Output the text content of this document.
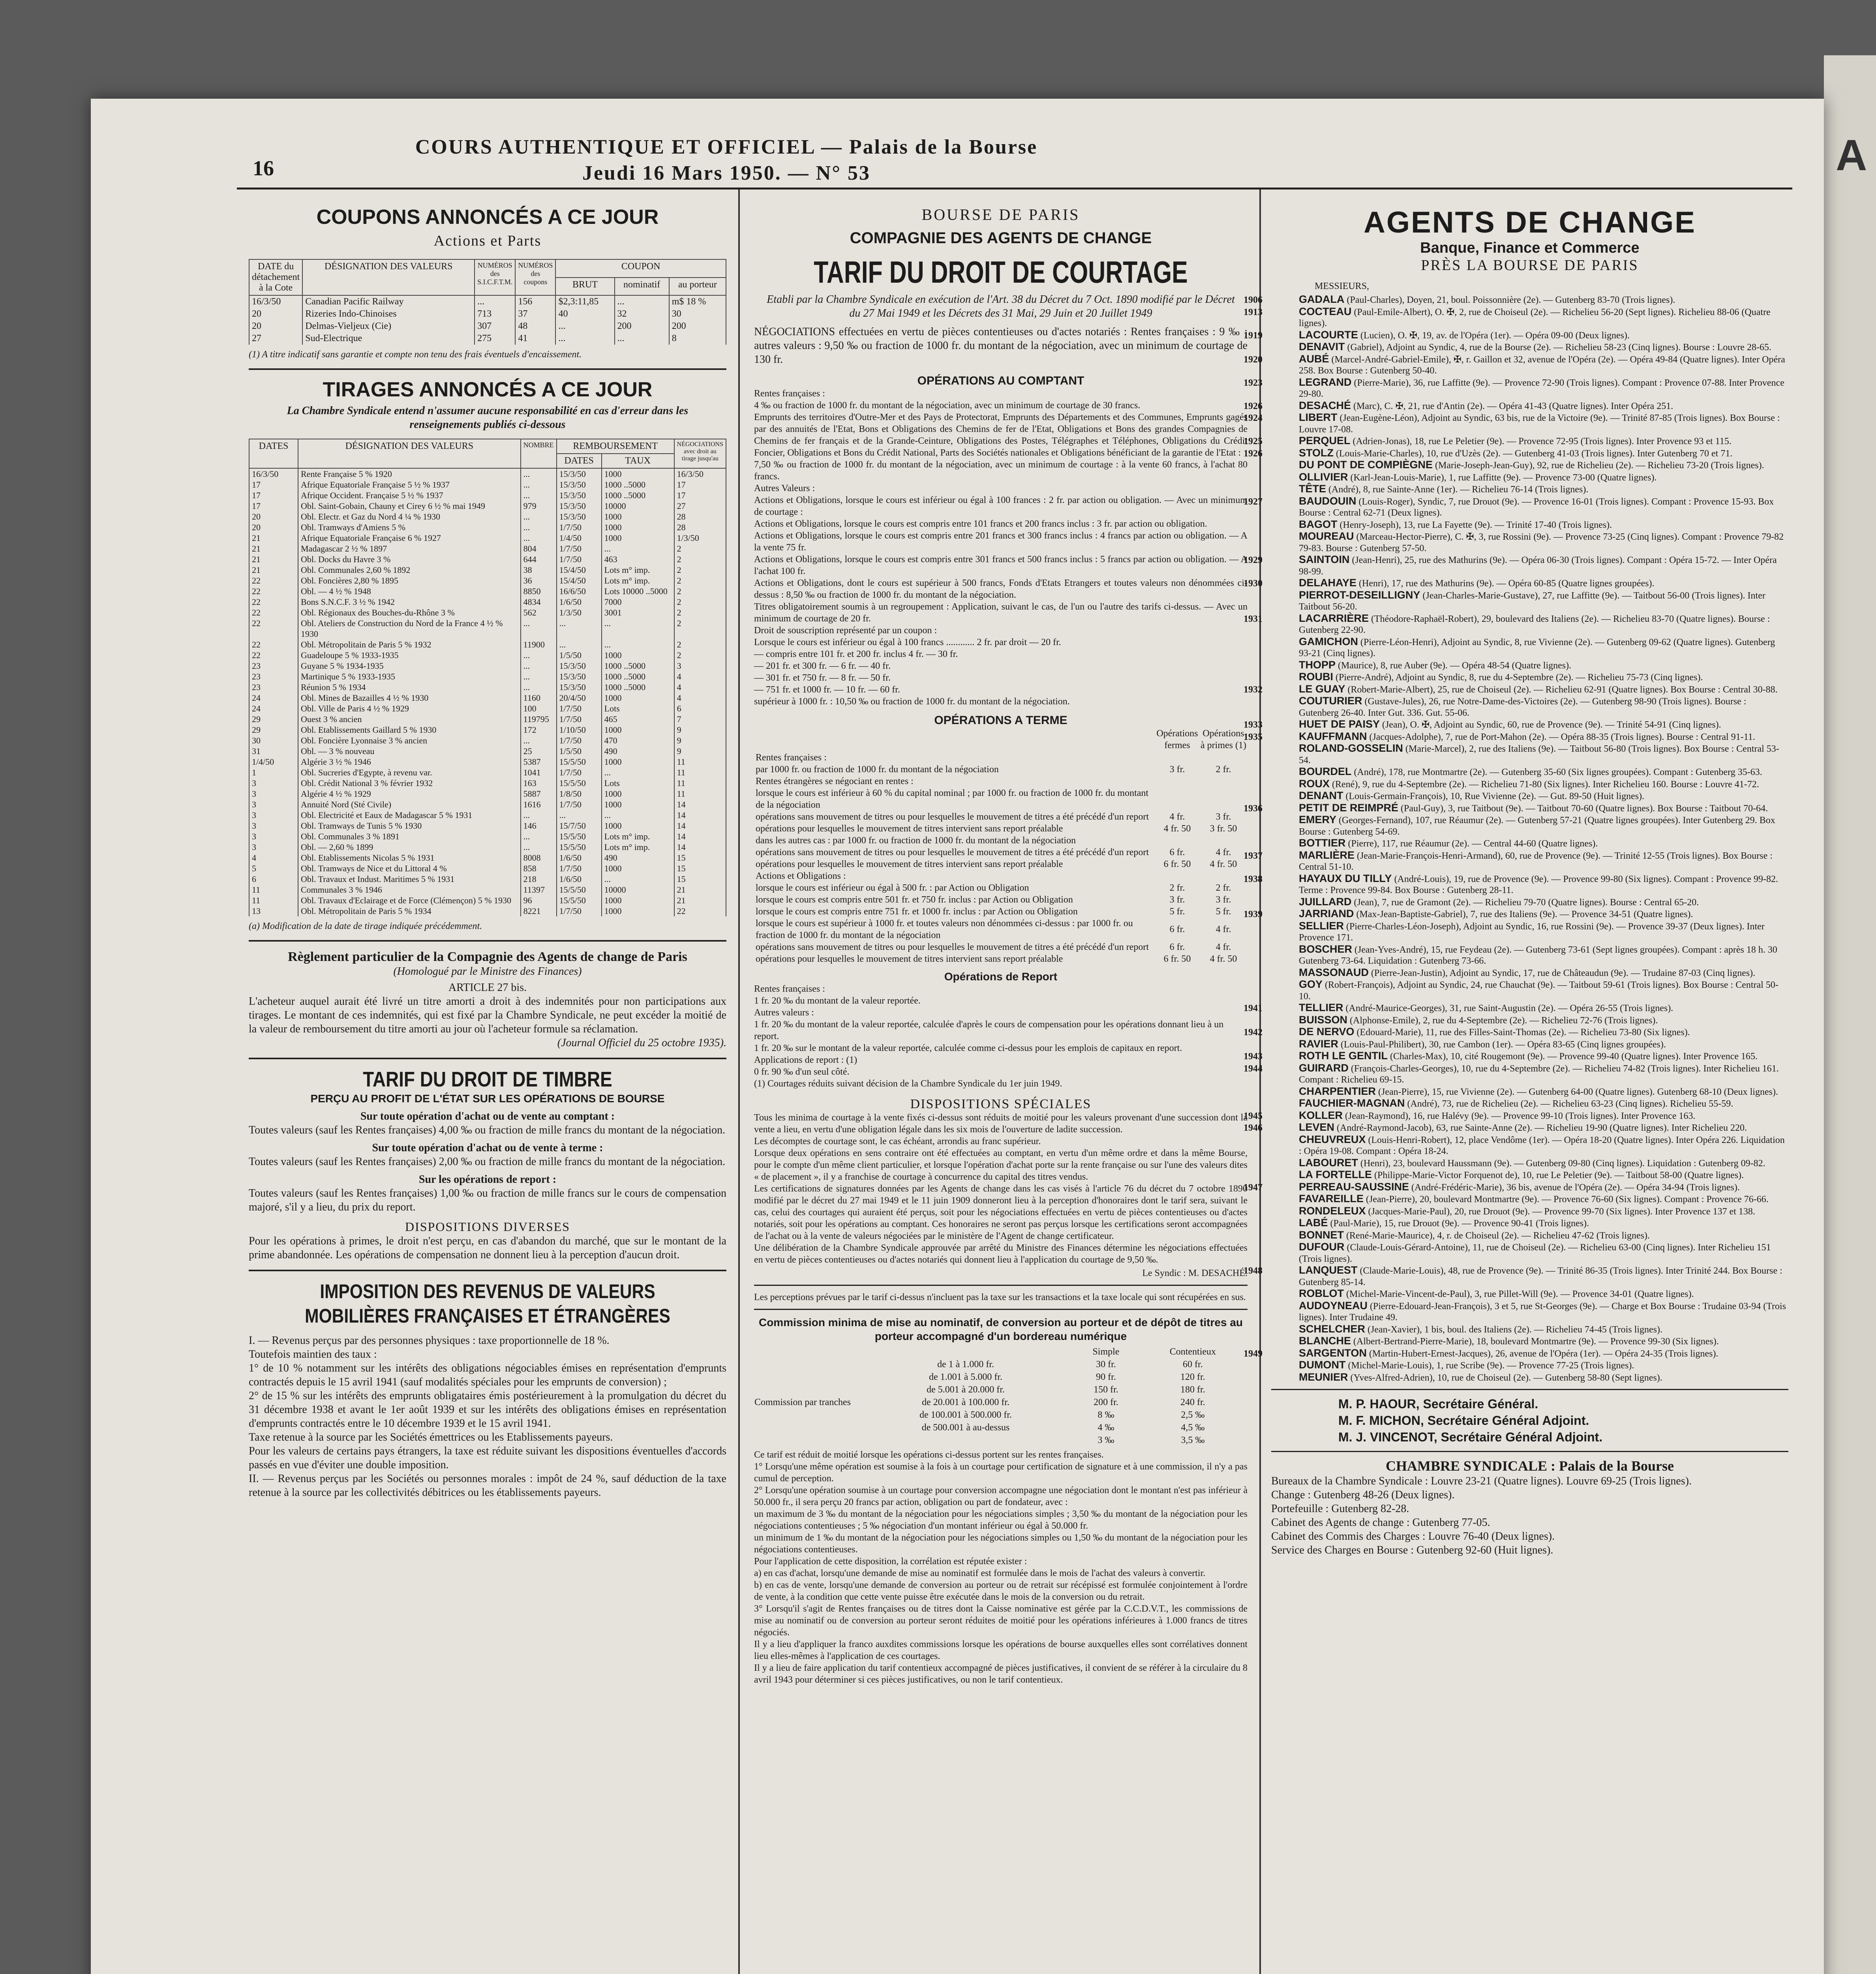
A
16
COURS AUTHENTIQUE ET OFFICIEL — Palais de la Bourse
Jeudi 16 Mars 1950. — N° 53
COUPONS ANNONCÉS A CE JOUR
Actions et Parts
DATE du détachement à la Cote	DÉSIGNATION DES VALEURS	NUMÉROS des S.I.C.F.T.M.	NUMÉROS des coupons	COUPON		
				BRUT	nominatif	au porteur
16/3/50	Canadian Pacific Railway	...	156	$2,3:11,85	...	m$ 18 %
20	Rizeries Indo-Chinoises	713	37	40	32	30
20	Delmas-Vieljeux (Cie)	307	48	...	200	200
27	Sud-Electrique	275	41	...	...	8
(1) A titre indicatif sans garantie et compte non tenu des frais éventuels d'encaissement.
TIRAGES ANNONCÉS A CE JOUR
La Chambre Syndicale entend n'assumer aucune responsabilité en cas d'erreur dans les renseignements publiés ci-dessous
DATES	DÉSIGNATION DES VALEURS	NOMBRE	REMBOURSEMENT		NÉGOCIATIONS avec droit au tirage jusqu'au
			DATES	TAUX	
16/3/50	Rente Française 5 % 1920	...	15/3/50	1000	16/3/50
17	Afrique Equatoriale Française 5 ½ % 1937	...	15/3/50	1000 ..5000	17
17	Afrique Occident. Française 5 ½ % 1937	...	15/3/50	1000 ..5000	17
17	Obl. Saint-Gobain, Chauny et Cirey 6 ½ % mai 1949	979	15/3/50	10000	27
20	Obl. Electr. et Gaz du Nord 4 ¼ % 1930	...	15/3/50	1000	28
20	Obl. Tramways d'Amiens 5 %	...	1/7/50	1000	28
21	Afrique Equatoriale Française 6 % 1927	...	1/4/50	1000	1/3/50
21	Madagascar 2 ½ % 1897	804	1/7/50	...	2
21	Obl. Docks du Havre 3 %	644	1/7/50	463	2
21	Obl. Communales 2,60 % 1892	38	15/4/50	Lots m° imp.	2
22	Obl. Foncières 2,80 % 1895	36	15/4/50	Lots m° imp.	2
22	Obl. — 4 ½ % 1948	8850	16/6/50	Lots 10000 ..5000	2
22	Bons S.N.C.F. 3 ½ % 1942	4834	1/6/50	7000	2
22	Obl. Régionaux des Bouches-du-Rhône 3 %	562	1/3/50	3001	2
22	Obl. Ateliers de Construction du Nord de la France 4 ½ % 1930	...	...	...	2
22	Obl. Métropolitain de Paris 5 % 1932	11900	...	...	2
22	Guadeloupe 5 % 1933-1935	...	1/5/50	1000	2
23	Guyane 5 % 1934-1935	...	15/3/50	1000 ..5000	3
23	Martinique 5 % 1933-1935	...	15/3/50	1000 ..5000	4
23	Réunion 5 % 1934	...	15/3/50	1000 ..5000	4
24	Obl. Mines de Bazailles 4 ½ % 1930	1160	20/4/50	1000	4
24	Obl. Ville de Paris 4 ½ % 1929	100	1/7/50	Lots	6
29	Ouest 3 % ancien	119795	1/7/50	465	7
29	Obl. Etablissements Gaillard 5 % 1930	172	1/10/50	1000	9
30	Obl. Foncière Lyonnaise 3 % ancien	...	1/7/50	470	9
31	Obl. — 3 % nouveau	25	1/5/50	490	9
1/4/50	Algérie 3 ½ % 1946	5387	15/5/50	1000	11
1	Obl. Sucreries d'Egypte, à revenu var.	1041	1/7/50	...	11
3	Obl. Crédit National 3 % février 1932	163	15/5/50	Lots	11
3	Algérie 4 ½ % 1929	5887	1/8/50	1000	11
3	Annuité Nord (Sté Civile)	1616	1/7/50	1000	14
3	Obl. Electricité et Eaux de Madagascar 5 % 1931	...	...	...	14
3	Obl. Tramways de Tunis 5 % 1930	146	15/7/50	1000	14
3	Obl. Communales 3 % 1891	...	15/5/50	Lots m° imp.	14
3	Obl. — 2,60 % 1899	...	15/5/50	Lots m° imp.	14
4	Obl. Etablissements Nicolas 5 % 1931	8008	1/6/50	490	15
5	Obl. Tramways de Nice et du Littoral 4 %	858	1/7/50	1000	15
6	Obl. Travaux et Indust. Maritimes 5 % 1931	218	1/6/50	...	15
11	Communales 3 % 1946	11397	15/5/50	10000	21
11	Obl. Travaux d'Eclairage et de Force (Clémençon) 5 % 1930	96	15/5/50	1000	21
13	Obl. Métropolitain de Paris 5 % 1934	8221	1/7/50	1000	22
(a) Modification de la date de tirage indiquée précédemment.
Règlement particulier de la Compagnie des Agents de change de Paris
(Homologué par le Ministre des Finances)
ARTICLE 27 bis.
L'acheteur auquel aurait été livré un titre amorti a droit à des indemnités pour non participations aux tirages. Le montant de ces indemnités, qui est fixé par la Chambre Syndicale, ne peut excéder la moitié de la valeur de remboursement du titre amorti au jour où l'acheteur formule sa réclamation.
(Journal Officiel du 25 octobre 1935).
TARIF DU DROIT DE TIMBRE
PERÇU AU PROFIT DE L'ÉTAT SUR LES OPÉRATIONS DE BOURSE
Sur toute opération d'achat ou de vente au comptant :
Toutes valeurs (sauf les Rentes françaises) 4,00 ‰ ou fraction de mille francs du montant de la négociation.
Sur toute opération d'achat ou de vente à terme :
Toutes valeurs (sauf les Rentes françaises) 2,00 ‰ ou fraction de mille francs du montant de la négociation.
Sur les opérations de report :
Toutes valeurs (sauf les Rentes françaises) 1,00 ‰ ou fraction de mille francs sur le cours de compensation majoré, s'il y a lieu, du prix du report.
DISPOSITIONS DIVERSES
Pour les opérations à primes, le droit n'est perçu, en cas d'abandon du marché, que sur le montant de la prime abandonnée. Les opérations de compensation ne donnent lieu à la perception d'aucun droit.
IMPOSITION DES REVENUS DE VALEURS MOBILIÈRES FRANÇAISES ET ÉTRANGÈRES
I. — Revenus perçus par des personnes physiques : taxe proportionnelle de 18 %.
Toutefois maintien des taux :
1° de 10 % notamment sur les intérêts des obligations négociables émises en représentation d'emprunts contractés depuis le 15 avril 1941 (sauf modalités spéciales pour les emprunts de conversion) ;
2° de 15 % sur les intérêts des emprunts obligataires émis postérieurement à la promulgation du décret du 31 décembre 1938 et avant le 1er août 1939 et sur les intérêts des obligations émises en représentation d'emprunts contractés entre le 10 décembre 1939 et le 15 avril 1941.
Taxe retenue à la source par les Sociétés émettrices ou les Etablissements payeurs.
Pour les valeurs de certains pays étrangers, la taxe est réduite suivant les dispositions éventuelles d'accords passés en vue d'éviter une double imposition.
II. — Revenus perçus par les Sociétés ou personnes morales : impôt de 24 %, sauf déduction de la taxe retenue à la source par les collectivités débitrices ou les établissements payeurs.
BOURSE DE PARIS
COMPAGNIE DES AGENTS DE CHANGE
TARIF DU DROIT DE COURTAGE
Etabli par la Chambre Syndicale en exécution de l'Art. 38 du Décret du 7 Oct. 1890 modifié par le Décret du 27 Mai 1949 et les Décrets des 31 Mai, 29 Juin et 20 Juillet 1949
NÉGOCIATIONS effectuées en vertu de pièces contentieuses ou d'actes notariés : Rentes françaises : 9 ‰ ; autres valeurs : 9,50 ‰ ou fraction de 1000 fr. du montant de la négociation, avec un minimum de courtage de 130 fr.
OPÉRATIONS AU COMPTANT
Rentes françaises :
4 ‰ ou fraction de 1000 fr. du montant de la négociation, avec un minimum de courtage de 30 francs.
Emprunts des territoires d'Outre-Mer et des Pays de Protectorat, Emprunts des Départements et des Communes, Emprunts gagés par des annuités de l'Etat, Bons et Obligations des Chemins de fer de l'Etat, Obligations et Bons des grandes Compagnies de Chemins de fer français et de la Grande-Ceinture, Obligations des Postes, Télégraphes et Téléphones, Obligations du Crédit Foncier, Obligations et Bons du Crédit National, Parts des Sociétés nationales et Obligations bénéficiant de la garantie de l'Etat :
7,50 ‰ ou fraction de 1000 fr. du montant de la négociation, avec un minimum de courtage : à la vente 60 francs, à l'achat 80 francs.
Autres Valeurs :
Actions et Obligations, lorsque le cours est inférieur ou égal à 100 frances : 2 fr. par action ou obligation. — Avec un minimum de courtage :
Actions et Obligations, lorsque le cours est compris entre 101 francs et 200 francs inclus : 3 fr. par action ou obligation.
Actions et Obligations, lorsque le cours est compris entre 201 francs et 300 francs inclus : 4 francs par action ou obligation. — A la vente 75 fr.
Actions et Obligations, lorsque le cours est compris entre 301 francs et 500 francs inclus : 5 francs par action ou obligation. — A l'achat 100 fr.
Actions et Obligations, dont le cours est supérieur à 500 francs, Fonds d'Etats Etrangers et toutes valeurs non dénommées ci-dessus : 8,50 ‰ ou fraction de 1000 fr. du montant de la négociation.
Titres obligatoirement soumis à un regroupement : Application, suivant le cas, de l'un ou l'autre des tarifs ci-dessus. — Avec un minimum de courtage de 20 fr.
Droit de souscription représenté par un coupon :
Lorsque le cours est inférieur ou égal à 100 francs ............ 2 fr. par droit — 20 fr.
— compris entre 101 fr. et 200 fr. inclus 4 fr. — 30 fr.
— 201 fr. et 300 fr. — 6 fr. — 40 fr.
— 301 fr. et 750 fr. — 8 fr. — 50 fr.
— 751 fr. et 1000 fr. — 10 fr. — 60 fr.
supérieur à 1000 fr. : 10,50 ‰ ou fraction de 1000 fr. du montant de la négociation.
OPÉRATIONS A TERME
	Opérations fermes	Opérations à primes (1)
Rentes françaises :		
par 1000 fr. ou fraction de 1000 fr. du montant de la négociation	3 fr.	2 fr.
Rentes étrangères se négociant en rentes :		
lorsque le cours est inférieur à 60 % du capital nominal ; par 1000 fr. ou fraction de 1000 fr. du montant de la négociation		
opérations sans mouvement de titres ou pour lesquelles le mouvement de titres a été précédé d'un report	4 fr.	3 fr.
opérations pour lesquelles le mouvement de titres intervient sans report préalable	4 fr. 50	3 fr. 50
dans les autres cas : par 1000 fr. ou fraction de 1000 fr. du montant de la négociation		
opérations sans mouvement de titres ou pour lesquelles le mouvement de titres a été précédé d'un report	6 fr.	4 fr.
opérations pour lesquelles le mouvement de titres intervient sans report préalable	6 fr. 50	4 fr. 50
Actions et Obligations :		
lorsque le cours est inférieur ou égal à 500 fr. : par Action ou Obligation	2 fr.	2 fr.
lorsque le cours est compris entre 501 fr. et 750 fr. inclus : par Action ou Obligation	3 fr.	3 fr.
lorsque le cours est compris entre 751 fr. et 1000 fr. inclus : par Action ou Obligation	5 fr.	5 fr.
lorsque le cours est supérieur à 1000 fr. et toutes valeurs non dénommées ci-dessus : par 1000 fr. ou fraction de 1000 fr. du montant de la négociation	6 fr.	4 fr.
opérations sans mouvement de titres ou pour lesquelles le mouvement de titres a été précédé d'un report	6 fr.	4 fr.
opérations pour lesquelles le mouvement de titres intervient sans report préalable	6 fr. 50	4 fr. 50
Opérations de Report
Rentes françaises :
1 fr. 20 ‰ du montant de la valeur reportée.
Autres valeurs :
1 fr. 20 ‰ du montant de la valeur reportée, calculée d'après le cours de compensation pour les opérations donnant lieu à un report.
1 fr. 20 ‰ sur le montant de la valeur reportée, calculée comme ci-dessus pour les emplois de capitaux en report.
Applications de report : (1)
0 fr. 90 ‰ d'un seul côté.
(1) Courtages réduits suivant décision de la Chambre Syndicale du 1er juin 1949.
DISPOSITIONS SPÉCIALES
Tous les minima de courtage à la vente fixés ci-dessus sont réduits de moitié pour les valeurs provenant d'une succession dont la vente a lieu, en vertu d'une obligation légale dans les six mois de l'ouverture de ladite succession.
Les décomptes de courtage sont, le cas échéant, arrondis au franc supérieur.
Lorsque deux opérations en sens contraire ont été effectuées au comptant, en vertu d'un même ordre et dans la même Bourse, pour le compte d'un même client particulier, et lorsque l'opération d'achat porte sur la rente française ou sur l'une des valeurs dites « de placement », il y a franchise de courtage à concurrence du capital des titres vendus.
Les certifications de signatures données par les Agents de change dans les cas visés à l'article 76 du décret du 7 octobre 1890 modifié par le décret du 27 mai 1949 et le 11 juin 1909 donneront lieu à la perception d'honoraires dont le tarif sera, suivant le cas, celui des courtages qui auraient été perçus, soit pour les négociations effectuées en vertu de pièces contentieuses ou d'actes notariés, soit pour les opérations au comptant. Ces honoraires ne seront pas perçus lorsque les certifications seront accompagnées de l'achat ou à la vente de valeurs négociées par le ministère de l'Agent de change certificateur.
Une délibération de la Chambre Syndicale approuvée par arrêté du Ministre des Finances détermine les négociations effectuées en vertu de pièces contentieuses ou d'actes notariés qui donnent lieu à l'application du courtage de 9,50 ‰.
Le Syndic : M. DESACHÉ.
Les perceptions prévues par le tarif ci-dessus n'incluent pas la taxe sur les transactions et la taxe locale qui sont récupérées en sus.
Commission minima de mise au nominatif, de conversion au porteur et de dépôt de titres au porteur accompagné d'un bordereau numérique
		Simple	Contentieux
	de 1 à 1.000 fr.	30 fr.	60 fr.
	de 1.001 à 5.000 fr.	90 fr.	120 fr.
	de 5.001 à 20.000 fr.	150 fr.	180 fr.
Commission par tranches	de 20.001 à 100.000 fr.	200 fr.	240 fr.
	de 100.001 à 500.000 fr.	8 ‰	2,5 ‰
	de 500.001 à au-dessus	4 ‰	4,5 ‰
		3 ‰	3,5 ‰
Ce tarif est réduit de moitié lorsque les opérations ci-dessus portent sur les rentes françaises.
1° Lorsqu'une même opération est soumise à la fois à un courtage pour certification de signature et à une commission, il n'y a pas cumul de perception.
2° Lorsqu'une opération soumise à un courtage pour conversion accompagne une négociation dont le montant n'est pas inférieur à 50.000 fr., il sera perçu 20 francs par action, obligation ou part de fondateur, avec :
un maximum de 3 ‰ du montant de la négociation pour les négociations simples ; 3,50 ‰ du montant de la négociation pour les négociations contentieuses ; 5 ‰ négociation d'un montant inférieur ou égal à 50.000 fr.
un minimum de 1 ‰ du montant de la négociation pour les négociations simples ou 1,50 ‰ du montant de la négociation pour les négociations contentieuses.
Pour l'application de cette disposition, la corrélation est réputée exister :
a) en cas d'achat, lorsqu'une demande de mise au nominatif est formulée dans le mois de l'achat des valeurs à convertir.
b) en cas de vente, lorsqu'une demande de conversion au porteur ou de retrait sur récépissé est formulée conjointement à l'ordre de vente, à la condition que cette vente puisse être exécutée dans le mois de la conversion ou du retrait.
3° Lorsqu'il s'agit de Rentes françaises ou de titres dont la Caisse nominative est gérée par la C.C.D.V.T., les commissions de mise au nominatif ou de conversion au porteur seront réduites de moitié pour les opérations inférieures à 1.000 francs de titres négociés.
Il y a lieu d'appliquer la franco auxdites commissions lorsque les opérations de bourse auxquelles elles sont corrélatives donnent lieu elles-mêmes à l'application de ces courtages.
Il y a lieu de faire application du tarif contentieux accompagné de pièces justificatives, il convient de se référer à la circulaire du 8 avril 1943 pour déterminer si ces pièces justificatives, ou non le tarif contentieux.
AGENTS DE CHANGE
Banque, Finance et Commerce
PRÈS LA BOURSE DE PARIS
MESSIEURS,
1906	GADALA (Paul-Charles), Doyen, 21, boul. Poissonnière (2e). — Gutenberg 83-70 (Trois lignes).
1913	COCTEAU (Paul-Emile-Albert), O. ✠, 2, rue de Choiseul (2e). — Richelieu 56-20 (Sept lignes). Richelieu 88-06 (Quatre lignes).
1919	LACOURTE (Lucien), O. ✠, 19, av. de l'Opéra (1er). — Opéra 09-00 (Deux lignes).
DENAVIT (Gabriel), Adjoint au Syndic, 4, rue de la Bourse (2e). — Richelieu 58-23 (Cinq lignes). Bourse : Louvre 28-65.
1920	AUBÉ (Marcel-André-Gabriel-Emile), ✠, r. Gaillon et 32, avenue de l'Opéra (2e). — Opéra 49-84 (Quatre lignes). Inter Opéra 258. Box Bourse : Gutenberg 50-40.
1923	LEGRAND (Pierre-Marie), 36, rue Laffitte (9e). — Provence 72-90 (Trois lignes). Compant : Provence 07-88. Inter Provence 29-80.
1926	DESACHÉ (Marc), C. ✠, 21, rue d'Antin (2e). — Opéra 41-43 (Quatre lignes). Inter Opéra 251.
1924	LIBERT (Jean-Eugène-Léon), Adjoint au Syndic, 63 bis, rue de la Victoire (9e). — Trinité 87-85 (Trois lignes). Box Bourse : Louvre 17-08.
1925	PERQUEL (Adrien-Jonas), 18, rue Le Peletier (9e). — Provence 72-95 (Trois lignes). Inter Provence 93 et 115.
1926	STOLZ (Louis-Marie-Charles), 10, rue d'Uzès (2e). — Gutenberg 41-03 (Trois lignes). Inter Gutenberg 70 et 71.
DU PONT DE COMPIÈGNE (Marie-Joseph-Jean-Guy), 92, rue de Richelieu (2e). — Richelieu 73-20 (Trois lignes).
OLLIVIER (Karl-Jean-Louis-Marie), 1, rue Laffitte (9e). — Provence 73-00 (Quatre lignes).
TÊTE (André), 8, rue Sainte-Anne (1er). — Richelieu 76-14 (Trois lignes).
1927	BAUDOUIN (Louis-Roger), Syndic, 7, rue Drouot (9e). — Provence 16-01 (Trois lignes). Compant : Provence 15-93. Box Bourse : Central 62-71 (Deux lignes).
BAGOT (Henry-Joseph), 13, rue La Fayette (9e). — Trinité 17-40 (Trois lignes).
MOUREAU (Marceau-Hector-Pierre), C. ✠, 3, rue Rossini (9e). — Provence 73-25 (Cinq lignes). Compant : Provence 79-82 79-83. Bourse : Gutenberg 57-50.
1929	SAINTOIN (Jean-Henri), 25, rue des Mathurins (9e). — Opéra 06-30 (Trois lignes). Compant : Opéra 15-72. — Inter Opéra 98-99.
1930	DELAHAYE (Henri), 17, rue des Mathurins (9e). — Opéra 60-85 (Quatre lignes groupées).
PIERROT-DESEILLIGNY (Jean-Charles-Marie-Gustave), 27, rue Laffitte (9e). — Taitbout 56-00 (Trois lignes). Inter Taitbout 56-20.
1931	LACARRIÈRE (Théodore-Raphaël-Robert), 29, boulevard des Italiens (2e). — Richelieu 83-70 (Quatre lignes). Bourse : Gutenberg 22-90.
GAMICHON (Pierre-Léon-Henri), Adjoint au Syndic, 8, rue Vivienne (2e). — Gutenberg 09-62 (Quatre lignes). Gutenberg 93-21 (Cinq lignes).
THOPP (Maurice), 8, rue Auber (9e). — Opéra 48-54 (Quatre lignes).
ROUBI (Pierre-André), Adjoint au Syndic, 8, rue du 4-Septembre (2e). — Richelieu 75-73 (Cinq lignes).
1932	LE GUAY (Robert-Marie-Albert), 25, rue de Choiseul (2e). — Richelieu 62-91 (Quatre lignes). Box Bourse : Central 30-88.
COUTURIER (Gustave-Jules), 26, rue Notre-Dame-des-Victoires (2e). — Gutenberg 98-90 (Trois lignes). Bourse : Gutenberg 26-40. Inter Gut. 336. Gut. 55-06.
1933	HUET DE PAISY (Jean), O. ✠, Adjoint au Syndic, 60, rue de Provence (9e). — Trinité 54-91 (Cinq lignes).
1935	KAUFFMANN (Jacques-Adolphe), 7, rue de Port-Mahon (2e). — Opéra 88-35 (Trois lignes). Bourse : Central 91-11.
ROLAND-GOSSELIN (Marie-Marcel), 2, rue des Italiens (9e). — Taitbout 56-80 (Trois lignes). Box Bourse : Central 53-54.
BOURDEL (André), 178, rue Montmartre (2e). — Gutenberg 35-60 (Six lignes groupées). Compant : Gutenberg 35-63.
ROUX (René), 9, rue du 4-Septembre (2e). — Richelieu 71-80 (Six lignes). Inter Richelieu 160. Bourse : Louvre 41-72.
DENANT (Louis-Germain-François), 10, Rue Vivienne (2e). — Gut. 89-50 (Huit lignes).
1936	PETIT DE REIMPRÉ (Paul-Guy), 3, rue Taitbout (9e). — Taitbout 70-60 (Quatre lignes). Box Bourse : Taitbout 70-64.
EMERY (Georges-Fernand), 107, rue Réaumur (2e). — Gutenberg 57-21 (Quatre lignes groupées). Inter Gutenberg 29. Box Bourse : Gutenberg 54-69.
BOTTIER (Pierre), 117, rue Réaumur (2e). — Central 44-60 (Quatre lignes).
1937	MARLIÈRE (Jean-Marie-François-Henri-Armand), 60, rue de Provence (9e). — Trinité 12-55 (Trois lignes). Box Bourse : Central 51-10.
1938	HAYAUX DU TILLY (André-Louis), 19, rue de Provence (9e). — Provence 99-80 (Six lignes). Compant : Provence 99-82. Terme : Provence 99-84. Box Bourse : Gutenberg 28-11.
JUILLARD (Jean), 7, rue de Gramont (2e). — Richelieu 79-70 (Quatre lignes). Bourse : Central 65-20.
1939	JARRIAND (Max-Jean-Baptiste-Gabriel), 7, rue des Italiens (9e). — Provence 34-51 (Quatre lignes).
SELLIER (Pierre-Charles-Léon-Joseph), Adjoint au Syndic, 16, rue Rossini (9e). — Provence 39-37 (Deux lignes). Inter Provence 171.
BOSCHER (Jean-Yves-André), 15, rue Feydeau (2e). — Gutenberg 73-61 (Sept lignes groupées). Compant : après 18 h. 30 Gutenberg 73-64. Liquidation : Gutenberg 73-66.
MASSONAUD (Pierre-Jean-Justin), Adjoint au Syndic, 17, rue de Châteaudun (9e). — Trudaine 87-03 (Cinq lignes).
GOY (Robert-François), Adjoint au Syndic, 24, rue Chauchat (9e). — Taitbout 59-61 (Trois lignes). Box Bourse : Central 50-10.
1941	TELLIER (André-Maurice-Georges), 31, rue Saint-Augustin (2e). — Opéra 26-55 (Trois lignes).
BUISSON (Alphonse-Emile), 2, rue du 4-Septembre (2e). — Richelieu 72-76 (Trois lignes).
1942	DE NERVO (Edouard-Marie), 11, rue des Filles-Saint-Thomas (2e). — Richelieu 73-80 (Six lignes).
RAVIER (Louis-Paul-Philibert), 30, rue Cambon (1er). — Opéra 83-65 (Cinq lignes groupées).
1943	ROTH LE GENTIL (Charles-Max), 10, cité Rougemont (9e). — Provence 99-40 (Quatre lignes). Inter Provence 165.
1944	GUIRARD (François-Charles-Georges), 10, rue du 4-Septembre (2e). — Richelieu 74-82 (Trois lignes). Inter Richelieu 161. Compant : Richelieu 69-15.
CHARPENTIER (Jean-Pierre), 15, rue Vivienne (2e). — Gutenberg 64-00 (Quatre lignes). Gutenberg 68-10 (Deux lignes).
FAUCHIER-MAGNAN (André), 73, rue de Richelieu (2e). — Richelieu 63-23 (Cinq lignes). Richelieu 55-59.
1945	KOLLER (Jean-Raymond), 16, rue Halévy (9e). — Provence 99-10 (Trois lignes). Inter Provence 163.
1946	LEVEN (André-Raymond-Jacob), 63, rue Sainte-Anne (2e). — Richelieu 19-90 (Quatre lignes). Inter Richelieu 220.
CHEUVREUX (Louis-Henri-Robert), 12, place Vendôme (1er). — Opéra 18-20 (Quatre lignes). Inter Opéra 226. Liquidation : Opéra 19-08. Compant : Opéra 18-24.
LABOURET (Henri), 23, boulevard Haussmann (9e). — Gutenberg 09-80 (Cinq lignes). Liquidation : Gutenberg 09-82.
LA FORTELLE (Philippe-Marie-Victor Forquenot de), 10, rue Le Peletier (9e). — Taitbout 58-00 (Quatre lignes).
1947	PERREAU-SAUSSINE (André-Frédéric-Marie), 36 bis, avenue de l'Opéra (2e). — Opéra 34-94 (Trois lignes).
FAVAREILLE (Jean-Pierre), 20, boulevard Montmartre (9e). — Provence 76-60 (Six lignes). Compant : Provence 76-66.
RONDELEUX (Jacques-Marie-Paul), 20, rue Drouot (9e). — Provence 99-70 (Six lignes). Inter Provence 137 et 138.
LABÉ (Paul-Marie), 15, rue Drouot (9e). — Provence 90-41 (Trois lignes).
BONNET (René-Marie-Maurice), 4, r. de Choiseul (2e). — Richelieu 47-62 (Trois lignes).
DUFOUR (Claude-Louis-Gérard-Antoine), 11, rue de Choiseul (2e). — Richelieu 63-00 (Cinq lignes). Inter Richelieu 151 (Trois lignes).
1948	LANQUEST (Claude-Marie-Louis), 48, rue de Provence (9e). — Trinité 86-35 (Trois lignes). Inter Trinité 244. Box Bourse : Gutenberg 85-14.
ROBLOT (Michel-Marie-Vincent-de-Paul), 3, rue Pillet-Will (9e). — Provence 34-01 (Quatre lignes).
AUDOYNEAU (Pierre-Edouard-Jean-François), 3 et 5, rue St-Georges (9e). — Charge et Box Bourse : Trudaine 03-94 (Trois lignes). Inter Trudaine 49.
SCHELCHER (Jean-Xavier), 1 bis, boul. des Italiens (2e). — Richelieu 74-45 (Trois lignes).
BLANCHE (Albert-Bertrand-Pierre-Marie), 18, boulevard Montmartre (9e). — Provence 99-30 (Six lignes).
1949	SARGENTON (Martin-Hubert-Ernest-Jacques), 26, avenue de l'Opéra (1er). — Opéra 24-35 (Trois lignes).
DUMONT (Michel-Marie-Louis), 1, rue Scribe (9e). — Provence 77-25 (Trois lignes).
MEUNIER (Yves-Alfred-Adrien), 10, rue de Choiseul (2e). — Gutenberg 58-80 (Sept lignes).
M. P. HAOUR, Secrétaire Général.
M. F. MICHON, Secrétaire Général Adjoint.
M. J. VINCENOT, Secrétaire Général Adjoint.
CHAMBRE SYNDICALE : Palais de la Bourse
Bureaux de la Chambre Syndicale : Louvre 23-21 (Quatre lignes). Louvre 69-25 (Trois lignes).
Change : Gutenberg 48-26 (Deux lignes).
Portefeuille : Gutenberg 82-28.
Cabinet des Agents de change : Gutenberg 77-05.
Cabinet des Commis des Charges : Louvre 76-40 (Deux lignes).
Service des Charges en Bourse : Gutenberg 92-60 (Huit lignes).
